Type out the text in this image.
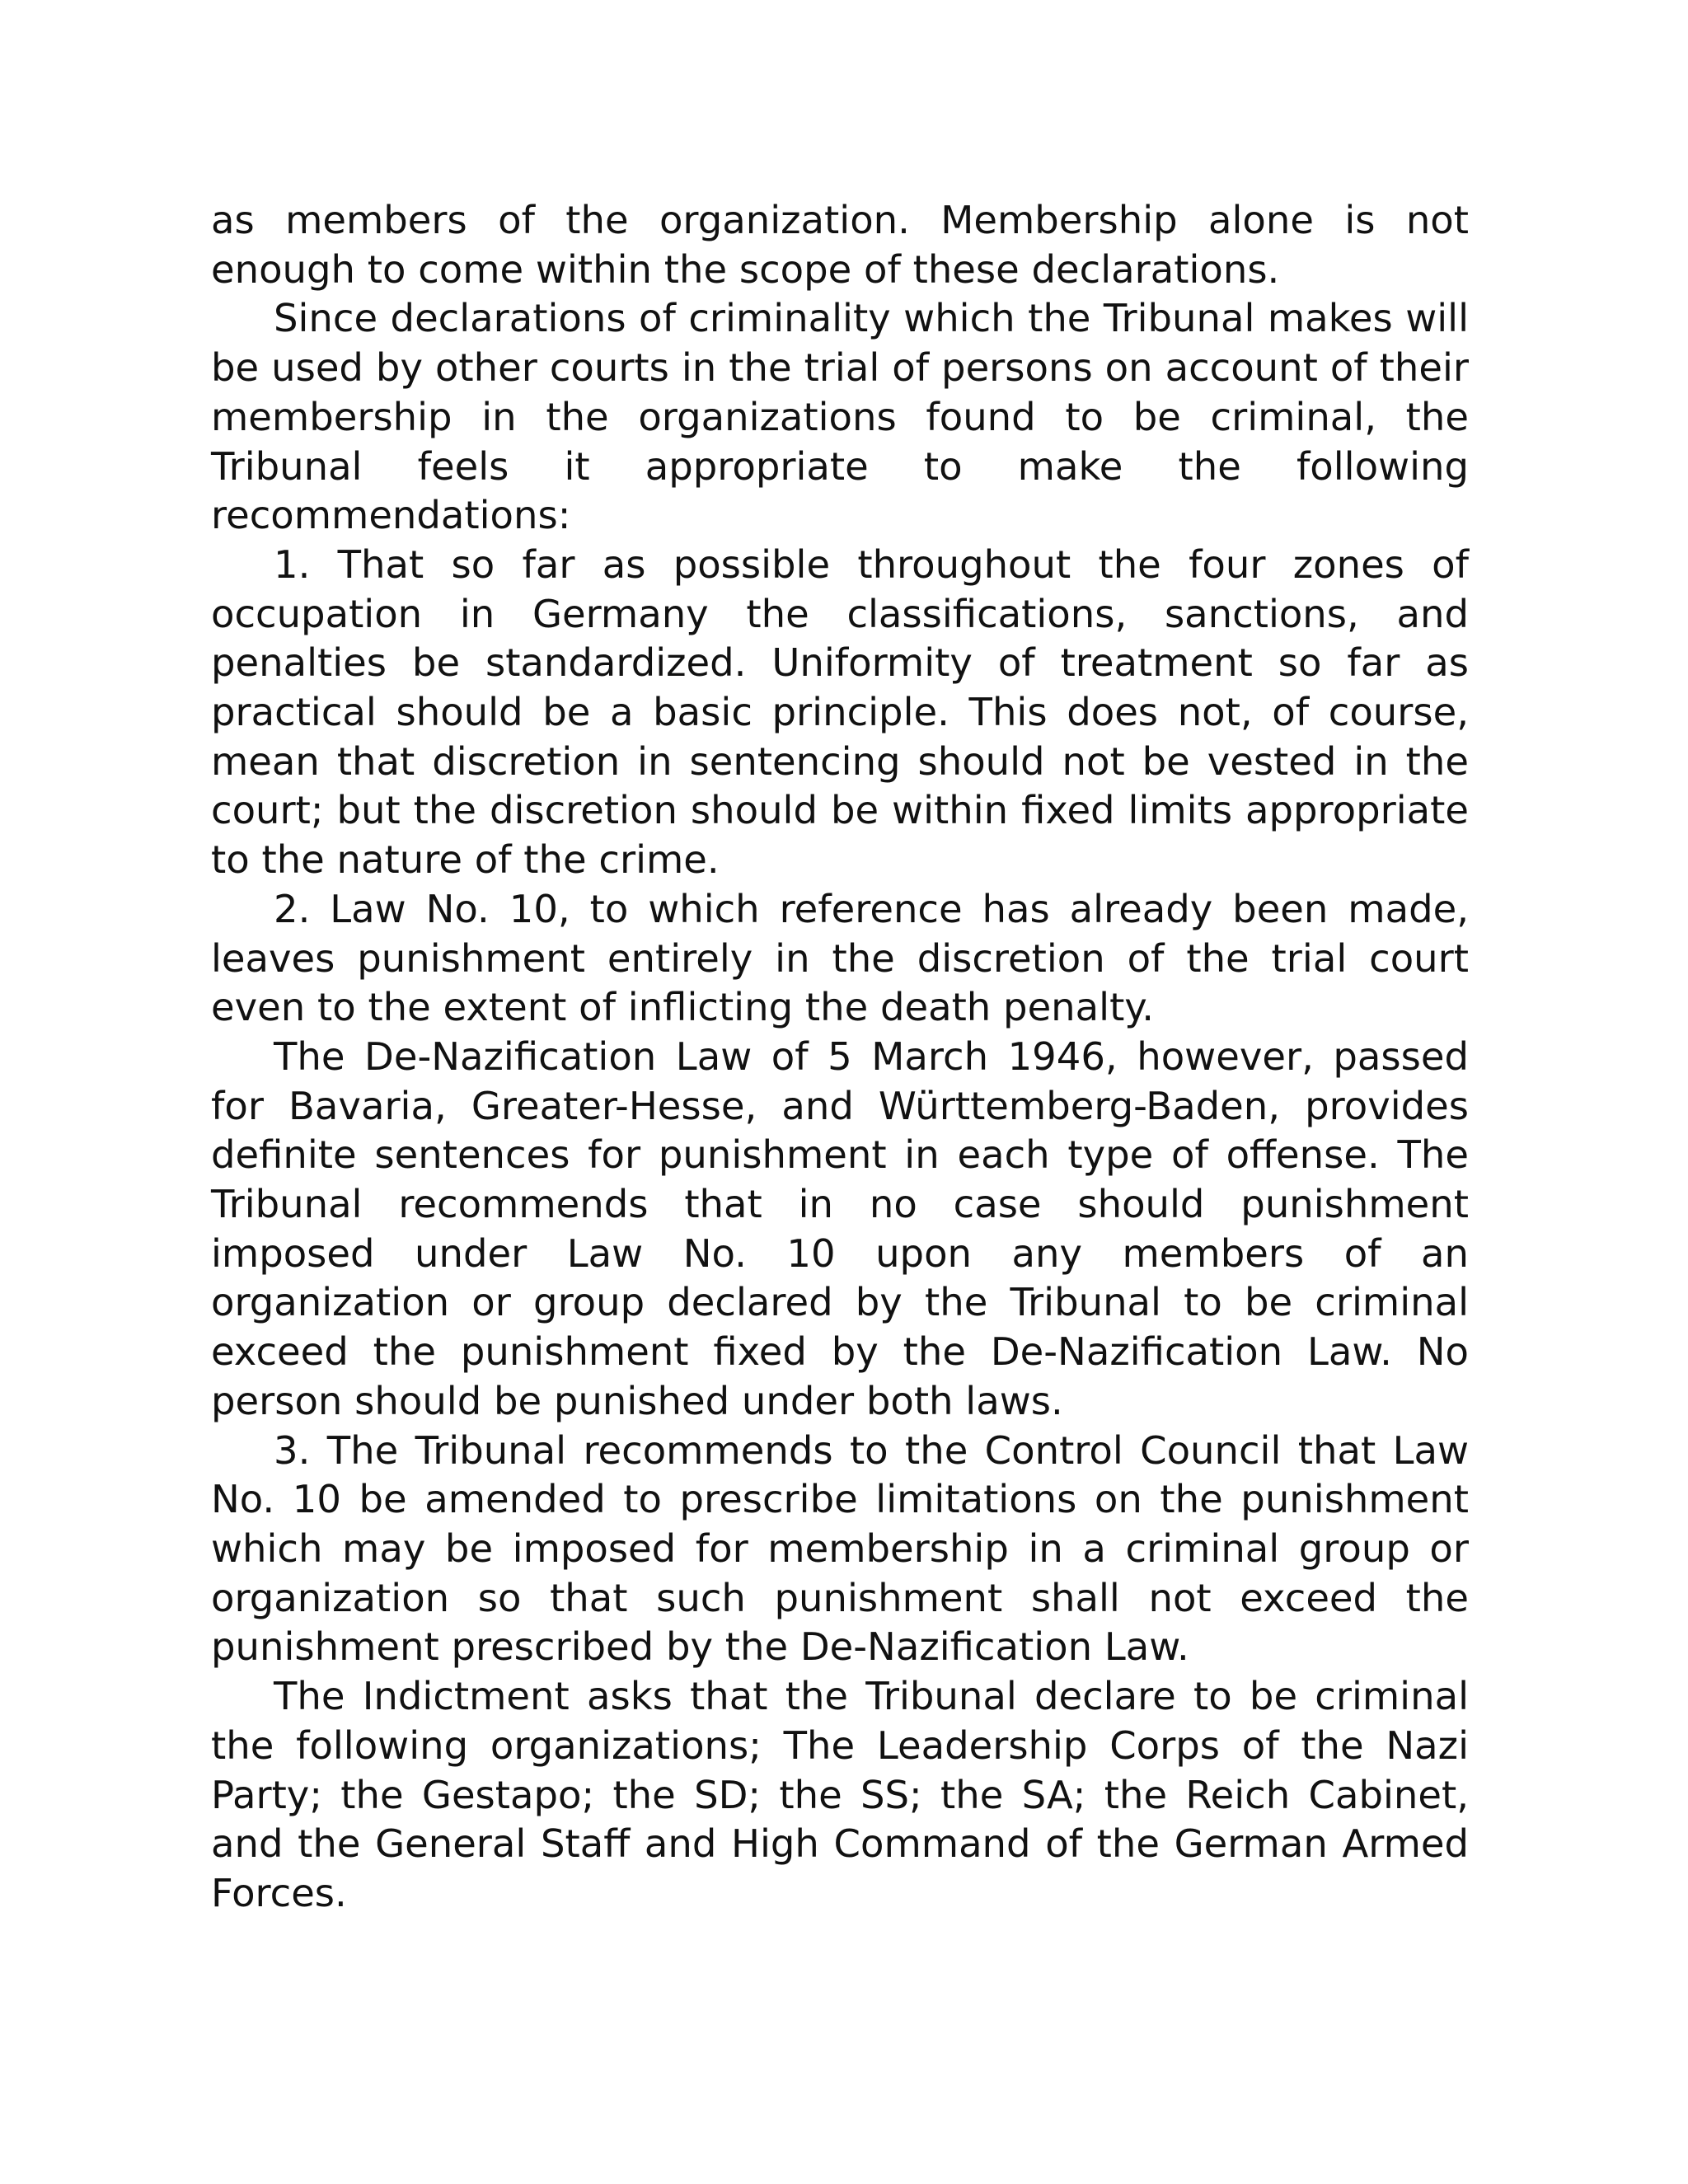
as members of the organization. Membership alone is not enough to come within the scope of these declarations.

Since declarations of criminality which the Tribunal makes will be used by other courts in the trial of persons on account of their membership in the organizations found to be criminal, the Tribunal feels it appropriate to make the following recommendations:

1. That so far as possible throughout the four zones of occupation in Germany the classifications, sanctions, and penalties be standardized. Uniformity of treatment so far as practical should be a basic principle. This does not, of course, mean that discretion in sentencing should not be vested in the court; but the discretion should be within fixed limits appropriate to the nature of the crime.

2. Law No. 10, to which reference has already been made, leaves punishment entirely in the discretion of the trial court even to the extent of inflicting the death penalty.

The De-Nazification Law of 5 March 1946, however, passed for Bavaria, Greater-Hesse, and Württemberg-Baden, provides definite sentences for punishment in each type of offense. The Tribunal recommends that in no case should punishment imposed under Law No. 10 upon any members of an organization or group declared by the Tribunal to be criminal exceed the punishment fixed by the De-Nazification Law. No person should be punished under both laws.

3. The Tribunal recommends to the Control Council that Law No. 10 be amended to prescribe limitations on the punishment which may be imposed for membership in a criminal group or organization so that such punishment shall not exceed the punishment prescribed by the De-Nazification Law.

The Indictment asks that the Tribunal declare to be criminal the following organizations; The Leadership Corps of the Nazi Party; the Gestapo; the SD; the SS; the SA; the Reich Cabinet, and the General Staff and High Command of the German Armed Forces.
